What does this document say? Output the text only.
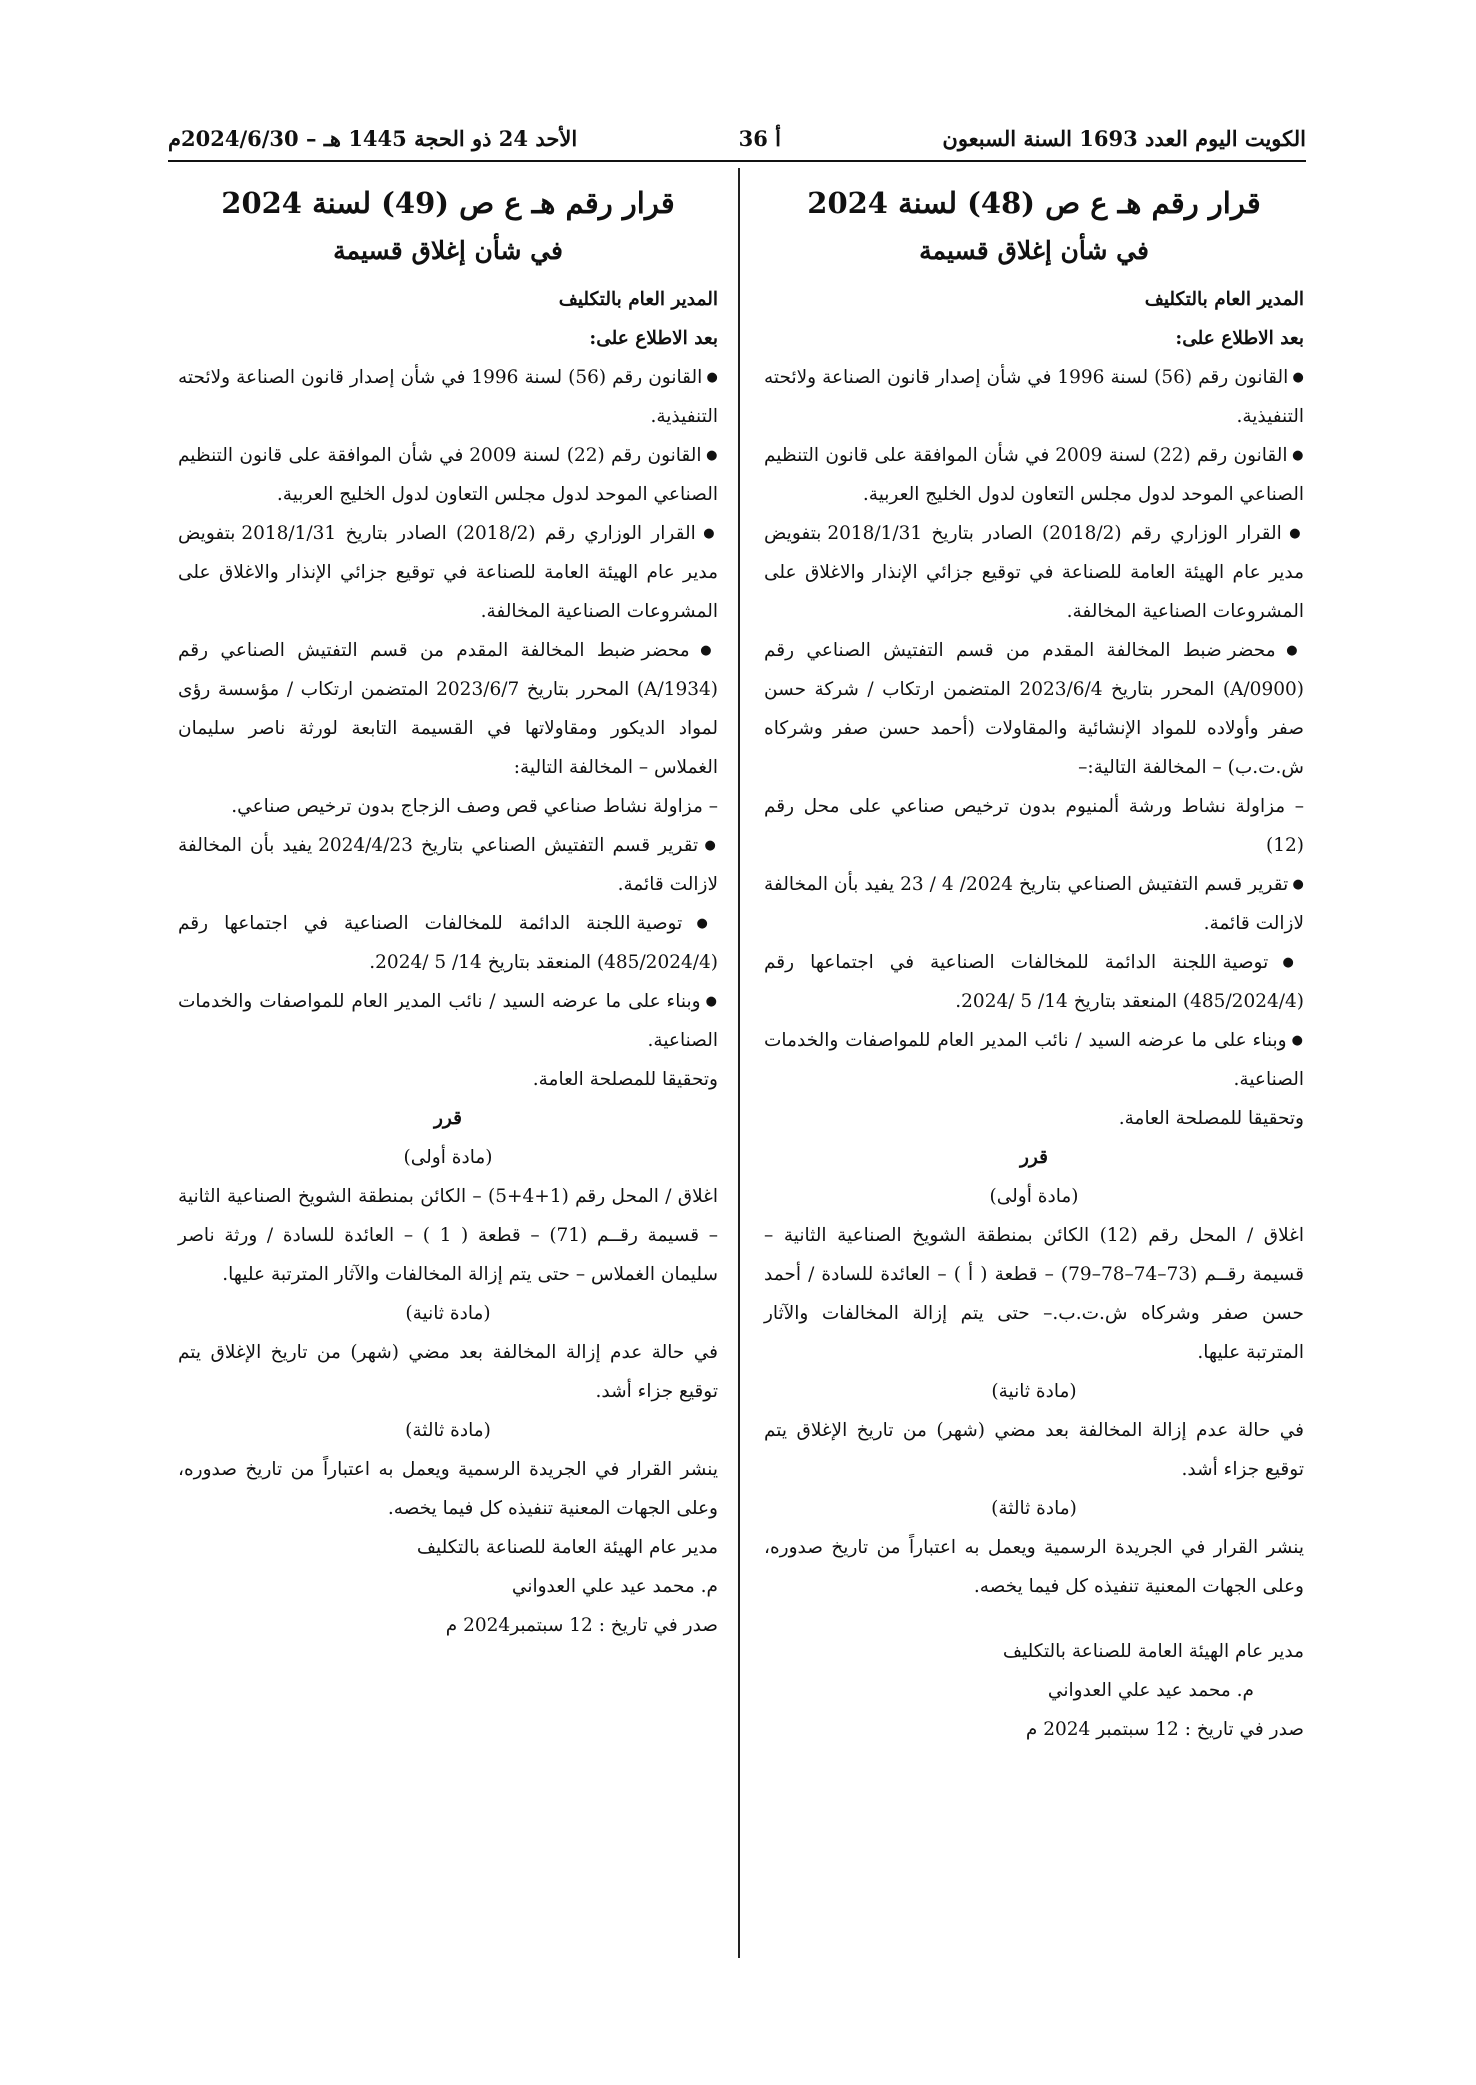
الكويت اليوم العدد 1693 السنة السبعون
أ 36
الأحد 24 ذو الحجة 1445 هـ – 2024/6/30م

قرار رقم هـ ع ص (48) لسنة 2024

في شأن إغلاق قسيمة

المدير العام بالتكليف

بعد الاطلاع على:

● القانون رقم (56) لسنة 1996 في شأن إصدار قانون الصناعة ولائحته التنفيذية.

● القانون رقم (22) لسنة 2009 في شأن الموافقة على قانون التنظيم الصناعي الموحد لدول مجلس التعاون لدول الخليج العربية.

● القرار الوزاري رقم (2018/2) الصادر بتاريخ 2018/1/31 بتفويض مدير عام الهيئة العامة للصناعة في توقيع جزائي الإنذار والاغلاق على المشروعات الصناعية المخالفة.

● محضر ضبط المخالفة المقدم من قسم التفتيش الصناعي رقم (A/0900) المحرر بتاريخ 2023/6/4 المتضمن ارتكاب / شركة حسن صفر وأولاده للمواد الإنشائية والمقاولات (أحمد حسن صفر وشركاه ش.ت.ب) – المخالفة التالية:–

– مزاولة نشاط ورشة ألمنيوم بدون ترخيص صناعي على محل رقم (12)

● تقرير قسم التفتيش الصناعي بتاريخ 2024/ 4 / 23 يفيد بأن المخالفة لازالت قائمة.

● توصية اللجنة الدائمة للمخالفات الصناعية في اجتماعها رقم (485/2024/4) المنعقد بتاريخ 14/ 5 /2024.

● وبناء على ما عرضه السيد / نائب المدير العام للمواصفات والخدمات الصناعية.

وتحقيقا للمصلحة العامة.

قرر

(مادة أولى)

اغلاق / المحل رقم (12) الكائن بمنطقة الشويخ الصناعية الثانية – قسيمة رقــم (73–74–78–79) – قطعة ( أ ) – العائدة للسادة / أحمد حسن صفر وشركاه ش.ت.ب.– حتى يتم إزالة المخالفات والآثار المترتبة عليها.

(مادة ثانية)

في حالة عدم إزالة المخالفة بعد مضي (شهر) من تاريخ الإغلاق يتم توقيع جزاء أشد.

(مادة ثالثة)

ينشر القرار في الجريدة الرسمية ويعمل به اعتباراً من تاريخ صدوره، وعلى الجهات المعنية تنفيذه كل فيما يخصه.

مدير عام الهيئة العامة للصناعة بالتكليف

م. محمد عيد علي العدواني

صدر في تاريخ : 12 سبتمبر 2024 م

قرار رقم هـ ع ص (49) لسنة 2024

في شأن إغلاق قسيمة

المدير العام بالتكليف

بعد الاطلاع على:

● القانون رقم (56) لسنة 1996 في شأن إصدار قانون الصناعة ولائحته التنفيذية.

● القانون رقم (22) لسنة 2009 في شأن الموافقة على قانون التنظيم الصناعي الموحد لدول مجلس التعاون لدول الخليج العربية.

● القرار الوزاري رقم (2018/2) الصادر بتاريخ 2018/1/31 بتفويض مدير عام الهيئة العامة للصناعة في توقيع جزائي الإنذار والاغلاق على المشروعات الصناعية المخالفة.

● محضر ضبط المخالفة المقدم من قسم التفتيش الصناعي رقم (A/1934) المحرر بتاريخ 2023/6/7 المتضمن ارتكاب / مؤسسة رؤى لمواد الديكور ومقاولاتها في القسيمة التابعة لورثة ناصر سليمان الغملاس – المخالفة التالية:

– مزاولة نشاط صناعي قص وصف الزجاج بدون ترخيص صناعي.

● تقرير قسم التفتيش الصناعي بتاريخ 2024/4/23 يفيد بأن المخالفة لازالت قائمة.

● توصية اللجنة الدائمة للمخالفات الصناعية في اجتماعها رقم (485/2024/4) المنعقد بتاريخ 14/ 5 /2024.

● وبناء على ما عرضه السيد / نائب المدير العام للمواصفات والخدمات الصناعية.

وتحقيقا للمصلحة العامة.

قرر

(مادة أولى)

اغلاق / المحل رقم (1+4+5) – الكائن بمنطقة الشويخ الصناعية الثانية – قسيمة رقــم (71) – قطعة ( 1 ) – العائدة للسادة / ورثة ناصر سليمان الغملاس – حتى يتم إزالة المخالفات والآثار المترتبة عليها.

(مادة ثانية)

في حالة عدم إزالة المخالفة بعد مضي (شهر) من تاريخ الإغلاق يتم توقيع جزاء أشد.

(مادة ثالثة)

ينشر القرار في الجريدة الرسمية ويعمل به اعتباراً من تاريخ صدوره، وعلى الجهات المعنية تنفيذه كل فيما يخصه.

مدير عام الهيئة العامة للصناعة بالتكليف

م. محمد عيد علي العدواني

صدر في تاريخ : 12 سبتمبر2024 م
